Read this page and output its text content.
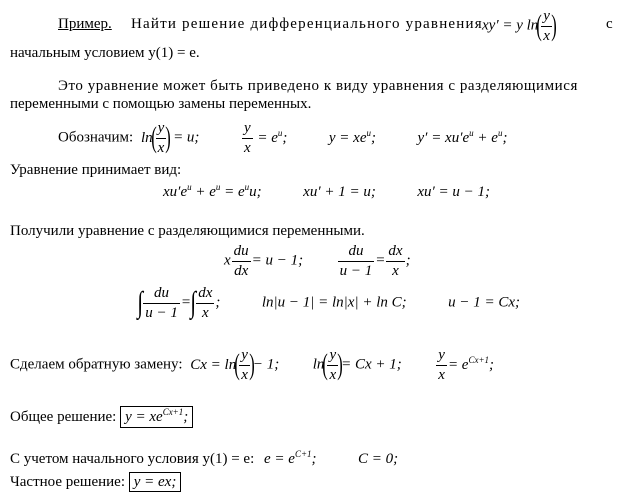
Пример. Найти решение дифференциального уравнения xy′ = y $\ln( \frac{y}{x}$ )	с
начальным условием y(1) = e.
Это уравнение может быть приведено к виду уравнения с разделяющимися
переменными с помощью замены переменных.
Обозначим: $\ln( \frac{y}{x}$ ) = u;	$\frac{y}{x} = e^u$;	$y = xe^u$;	$y' = xu'e^u + e^u$;
Уравнение принимает вид:
$xu'e^u + e^u = e^uu$;	xu′ + 1 = u;	xu′ = u − 1;
Получили уравнение с разделяющимися переменными.
x $\frac{du}{dx} = u - 1$; $\frac{du}{u - 1} = \frac{dx}{x}$ ;
∫ $\frac{du}{u - 1}$ =∫ $\frac{dx}{x}$ ;	ln|u − 1| = ln|x| + ln C;	u − 1 = Cx;
Сделаем обратную замену: $Cx = \ln( \frac{y}{x}$ )− 1; $\ln( \frac{y}{x}$ )= Cx + 1; $\frac{y}{x} = e^{Cx+1}$;
Общее решение: $y = xe^{Cx+1}$;
С учетом начального условия y(1) = e: $e = e^{C+1}$;	C = 0;
Частное решение: y = ex;
